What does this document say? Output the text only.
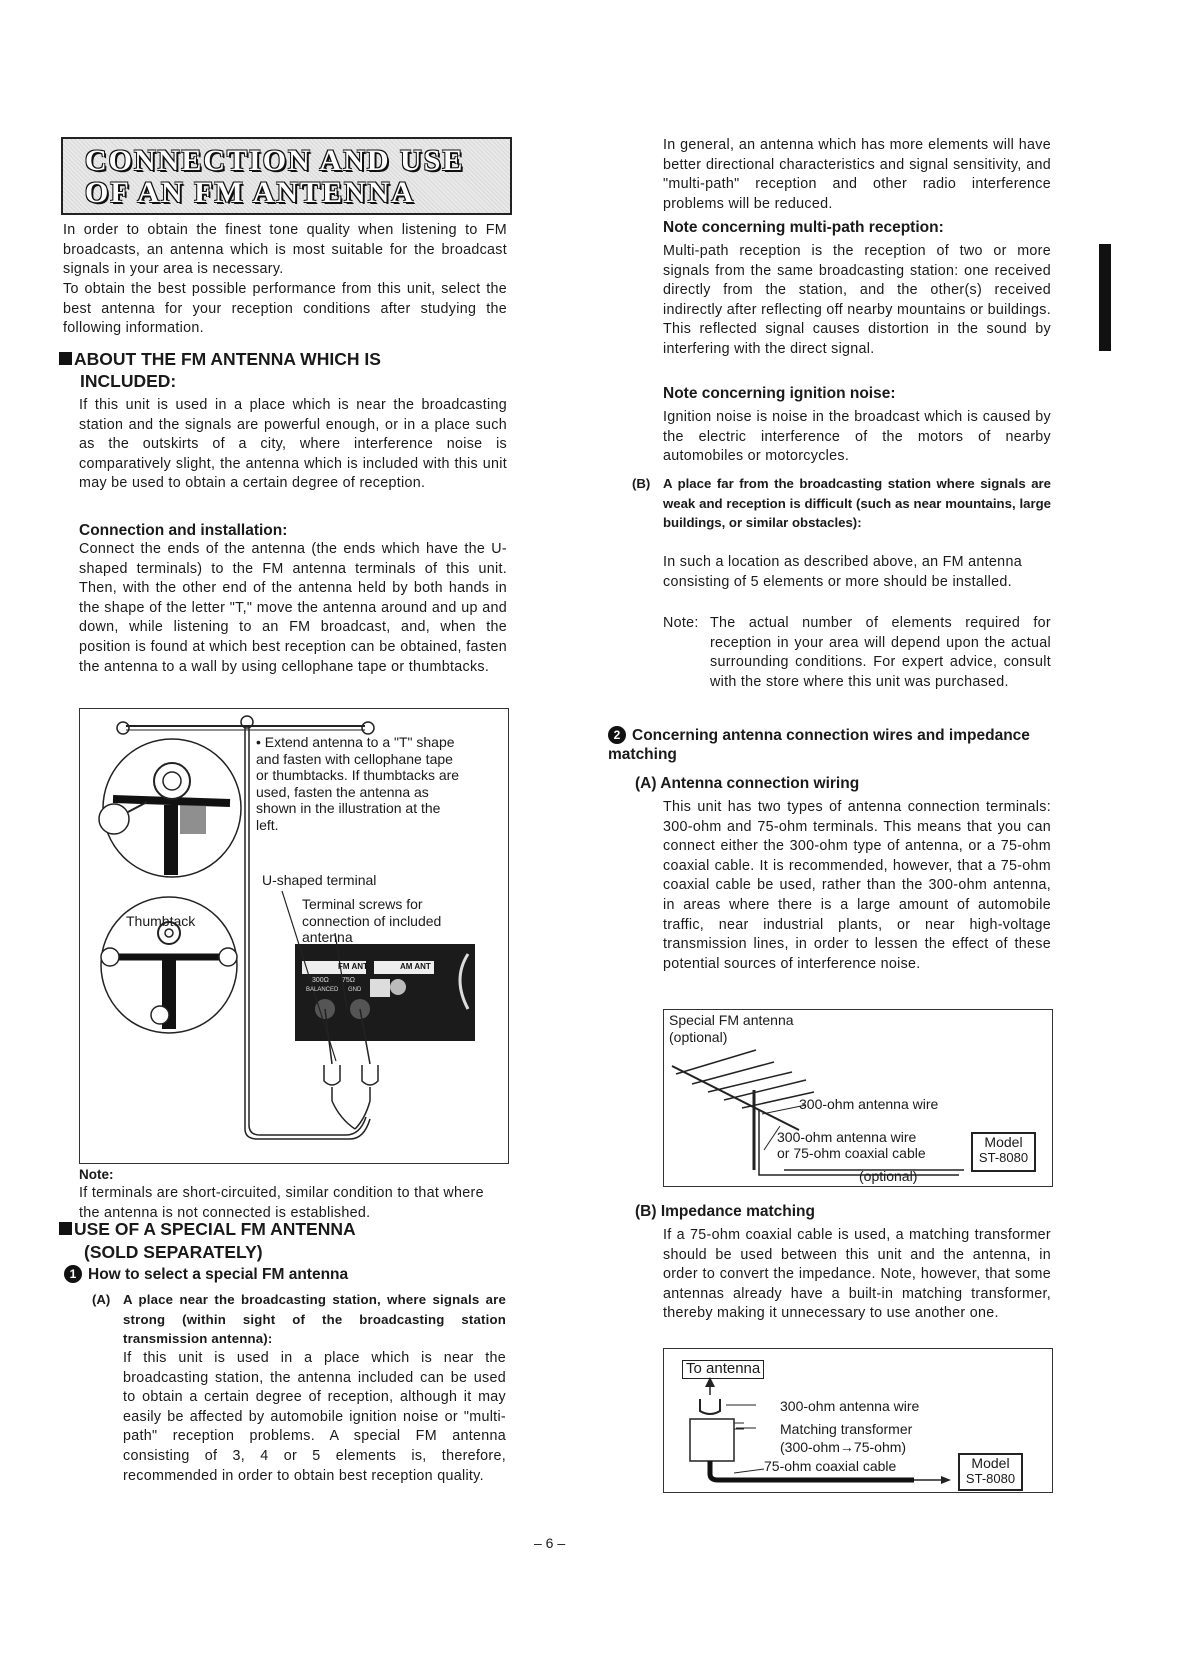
CONNECTION AND USE
OF AN FM ANTENNA
In order to obtain the finest tone quality when listening to FM broadcasts, an antenna which is most suitable for the broadcast signals in your area is necessary.
To obtain the best possible performance from this unit, select the best antenna for your reception conditions after studying the following information.
ABOUT THE FM ANTENNA WHICH IS
INCLUDED:
If this unit is used in a place which is near the broadcasting station and the signals are powerful enough, or in a place such as the outskirts of a city, where interference noise is comparatively slight, the antenna which is included with this unit may be used to obtain a certain degree of reception.
Connection and installation:
Connect the ends of the antenna (the ends which have the U-shaped terminals) to the FM antenna terminals of this unit. Then, with the other end of the antenna held by both hands in the shape of the letter "T," move the antenna around and up and down, while listening to an FM broadcast, and, when the position is found at which best reception can be obtained, fasten the antenna to a wall by using cellophane tape or thumbtacks.
• Extend antenna to a "T" shape and fasten with cellophane tape or thumbtacks. If thumbtacks are used, fasten the antenna as shown in the illustration at the left.
U-shaped terminal
Terminal screws for connection of included antenna
Thumbtack
FM ANT	AM ANT
300Ω 75Ω
BALANCED GND
Note:
If terminals are short-circuited, similar condition to that where the antenna is not connected is established.
USE OF A SPECIAL FM ANTENNA
(SOLD SEPARATELY)
1 How to select a special FM antenna
(A) A place near the broadcasting station, where signals are strong (within sight of the broadcasting station transmission antenna):
If this unit is used in a place which is near the broadcasting station, the antenna included can be used to obtain a certain degree of reception, although it may easily be affected by automobile ignition noise or "multi-path" reception problems. A special FM antenna consisting of 3, 4 or 5 elements is, therefore, recommended in order to obtain best reception quality.
In general, an antenna which has more elements will have better directional characteristics and signal sensitivity, and "multi-path" reception and other radio interference problems will be reduced.
Note concerning multi-path reception:
Multi-path reception is the reception of two or more signals from the same broadcasting station: one received directly from the station, and the other(s) received indirectly after reflecting off nearby mountains or buildings. This reflected signal causes distortion in the sound by interfering with the direct signal.
Note concerning ignition noise:
Ignition noise is noise in the broadcast which is caused by the electric interference of the motors of nearby automobiles or motorcycles.
(B) A place far from the broadcasting station where signals are weak and reception is difficult (such as near mountains, large buildings, or similar obstacles):
In such a location as described above, an FM antenna consisting of 5 elements or more should be installed.
Note: The actual number of elements required for reception in your area will depend upon the actual surrounding conditions. For expert advice, consult with the store where this unit was purchased.
2 Concerning antenna connection wires and impedance matching
(A) Antenna connection wiring
This unit has two types of antenna connection terminals: 300-ohm and 75-ohm terminals. This means that you can connect either the 300-ohm type of antenna, or a 75-ohm coaxial cable. It is recommended, however, that a 75-ohm coaxial cable be used, rather than the 300-ohm antenna, in areas where there is a large amount of automobile traffic, near industrial plants, or near high-voltage transmission lines, in order to lessen the effect of these potential sources of interference noise.
Special FM antenna
(optional)
300-ohm antenna wire
300-ohm antenna wire
or 75-ohm coaxial cable
(optional)
Model
ST-8080
(B) Impedance matching
If a 75-ohm coaxial cable is used, a matching transformer should be used between this unit and the antenna, in order to convert the impedance. Note, however, that some antennas already have a built-in matching transformer, thereby making it unnecessary to use another one.
To antenna
300-ohm antenna wire
Matching transformer
(300-ohm→75-ohm)
75-ohm coaxial cable	Model
ST-8080
– 6 –
